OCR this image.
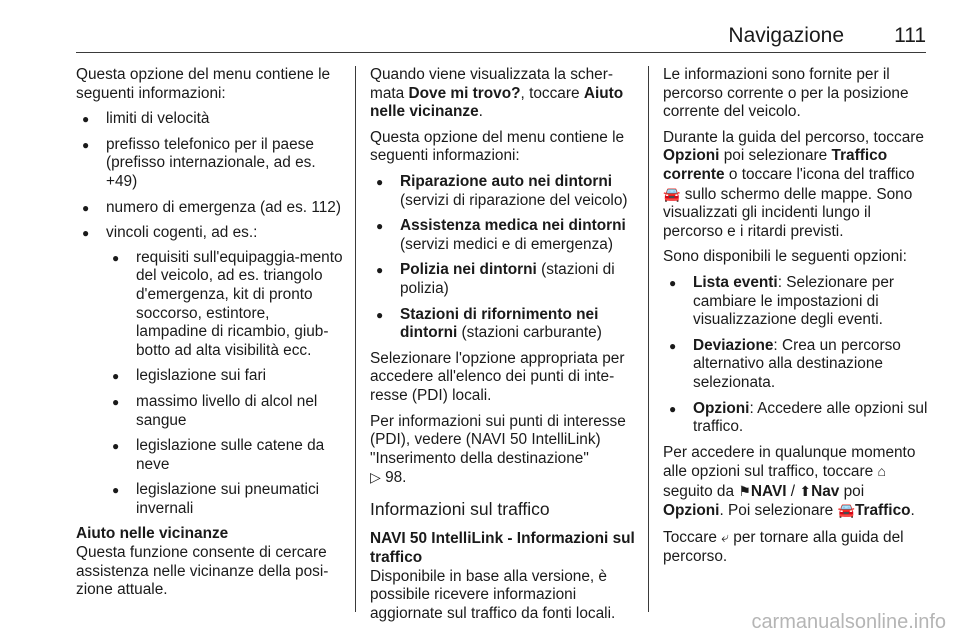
Navigazione 111

Questa opzione del menu contiene le seguenti informazioni:

● limiti di velocità
● prefisso telefonico per il paese (prefisso internazionale, ad es. +49)
● numero di emergenza (ad es. 112)
● vincoli cogenti, ad es.:
● requisiti sull'equipaggia-mento del veicolo, ad es. triangolo d'emergenza, kit di pronto soccorso, estintore, lampadine di ricambio, giub-botto ad alta visibilità ecc.
● legislazione sui fari
● massimo livello di alcol nel sangue
● legislazione sulle catene da neve
● legislazione sui pneumatici invernali

Aiuto nelle vicinanze

Questa funzione consente di cercare assistenza nelle vicinanze della posi-zione attuale.

Quando viene visualizzata la scher-mata Dove mi trovo?, toccare Aiuto nelle vicinanze.

Questa opzione del menu contiene le seguenti informazioni:

● Riparazione auto nei dintorni (servizi di riparazione del veicolo)
● Assistenza medica nei dintorni (servizi medici e di emergenza)
● Polizia nei dintorni (stazioni di polizia)
● Stazioni di rifornimento nei dintorni (stazioni carburante)

Selezionare l'opzione appropriata per accedere all'elenco dei punti di inte-resse (PDI) locali.

Per informazioni sui punti di interesse (PDI), vedere (NAVI 50 IntelliLink) "Inserimento della destinazione"
▷ 98.

Informazioni sul traffico

NAVI 50 IntelliLink - Informazioni sul traffico

Disponibile in base alla versione, è possibile ricevere informazioni aggiornate sul traffico da fonti locali.

Le informazioni sono fornite per il percorso corrente o per la posizione corrente del veicolo.

Durante la guida del percorso, toccare Opzioni poi selezionare Traffico corrente o toccare l'icona del traffico 🚘 sullo schermo delle mappe. Sono visualizzati gli incidenti lungo il percorso e i ritardi previsti.

Sono disponibili le seguenti opzioni:

● Lista eventi: Selezionare per cambiare le impostazioni di visualizzazione degli eventi.
● Deviazione: Crea un percorso alternativo alla destinazione selezionata.
● Opzioni: Accedere alle opzioni sul traffico.

Per accedere in qualunque momento alle opzioni sul traffico, toccare ⌂ seguito da ⚑NAVI / ⬆Nav poi Opzioni. Poi selezionare 🚘Traffico.

Toccare ⤶ per tornare alla guida del percorso.

carmanualsonline.info
